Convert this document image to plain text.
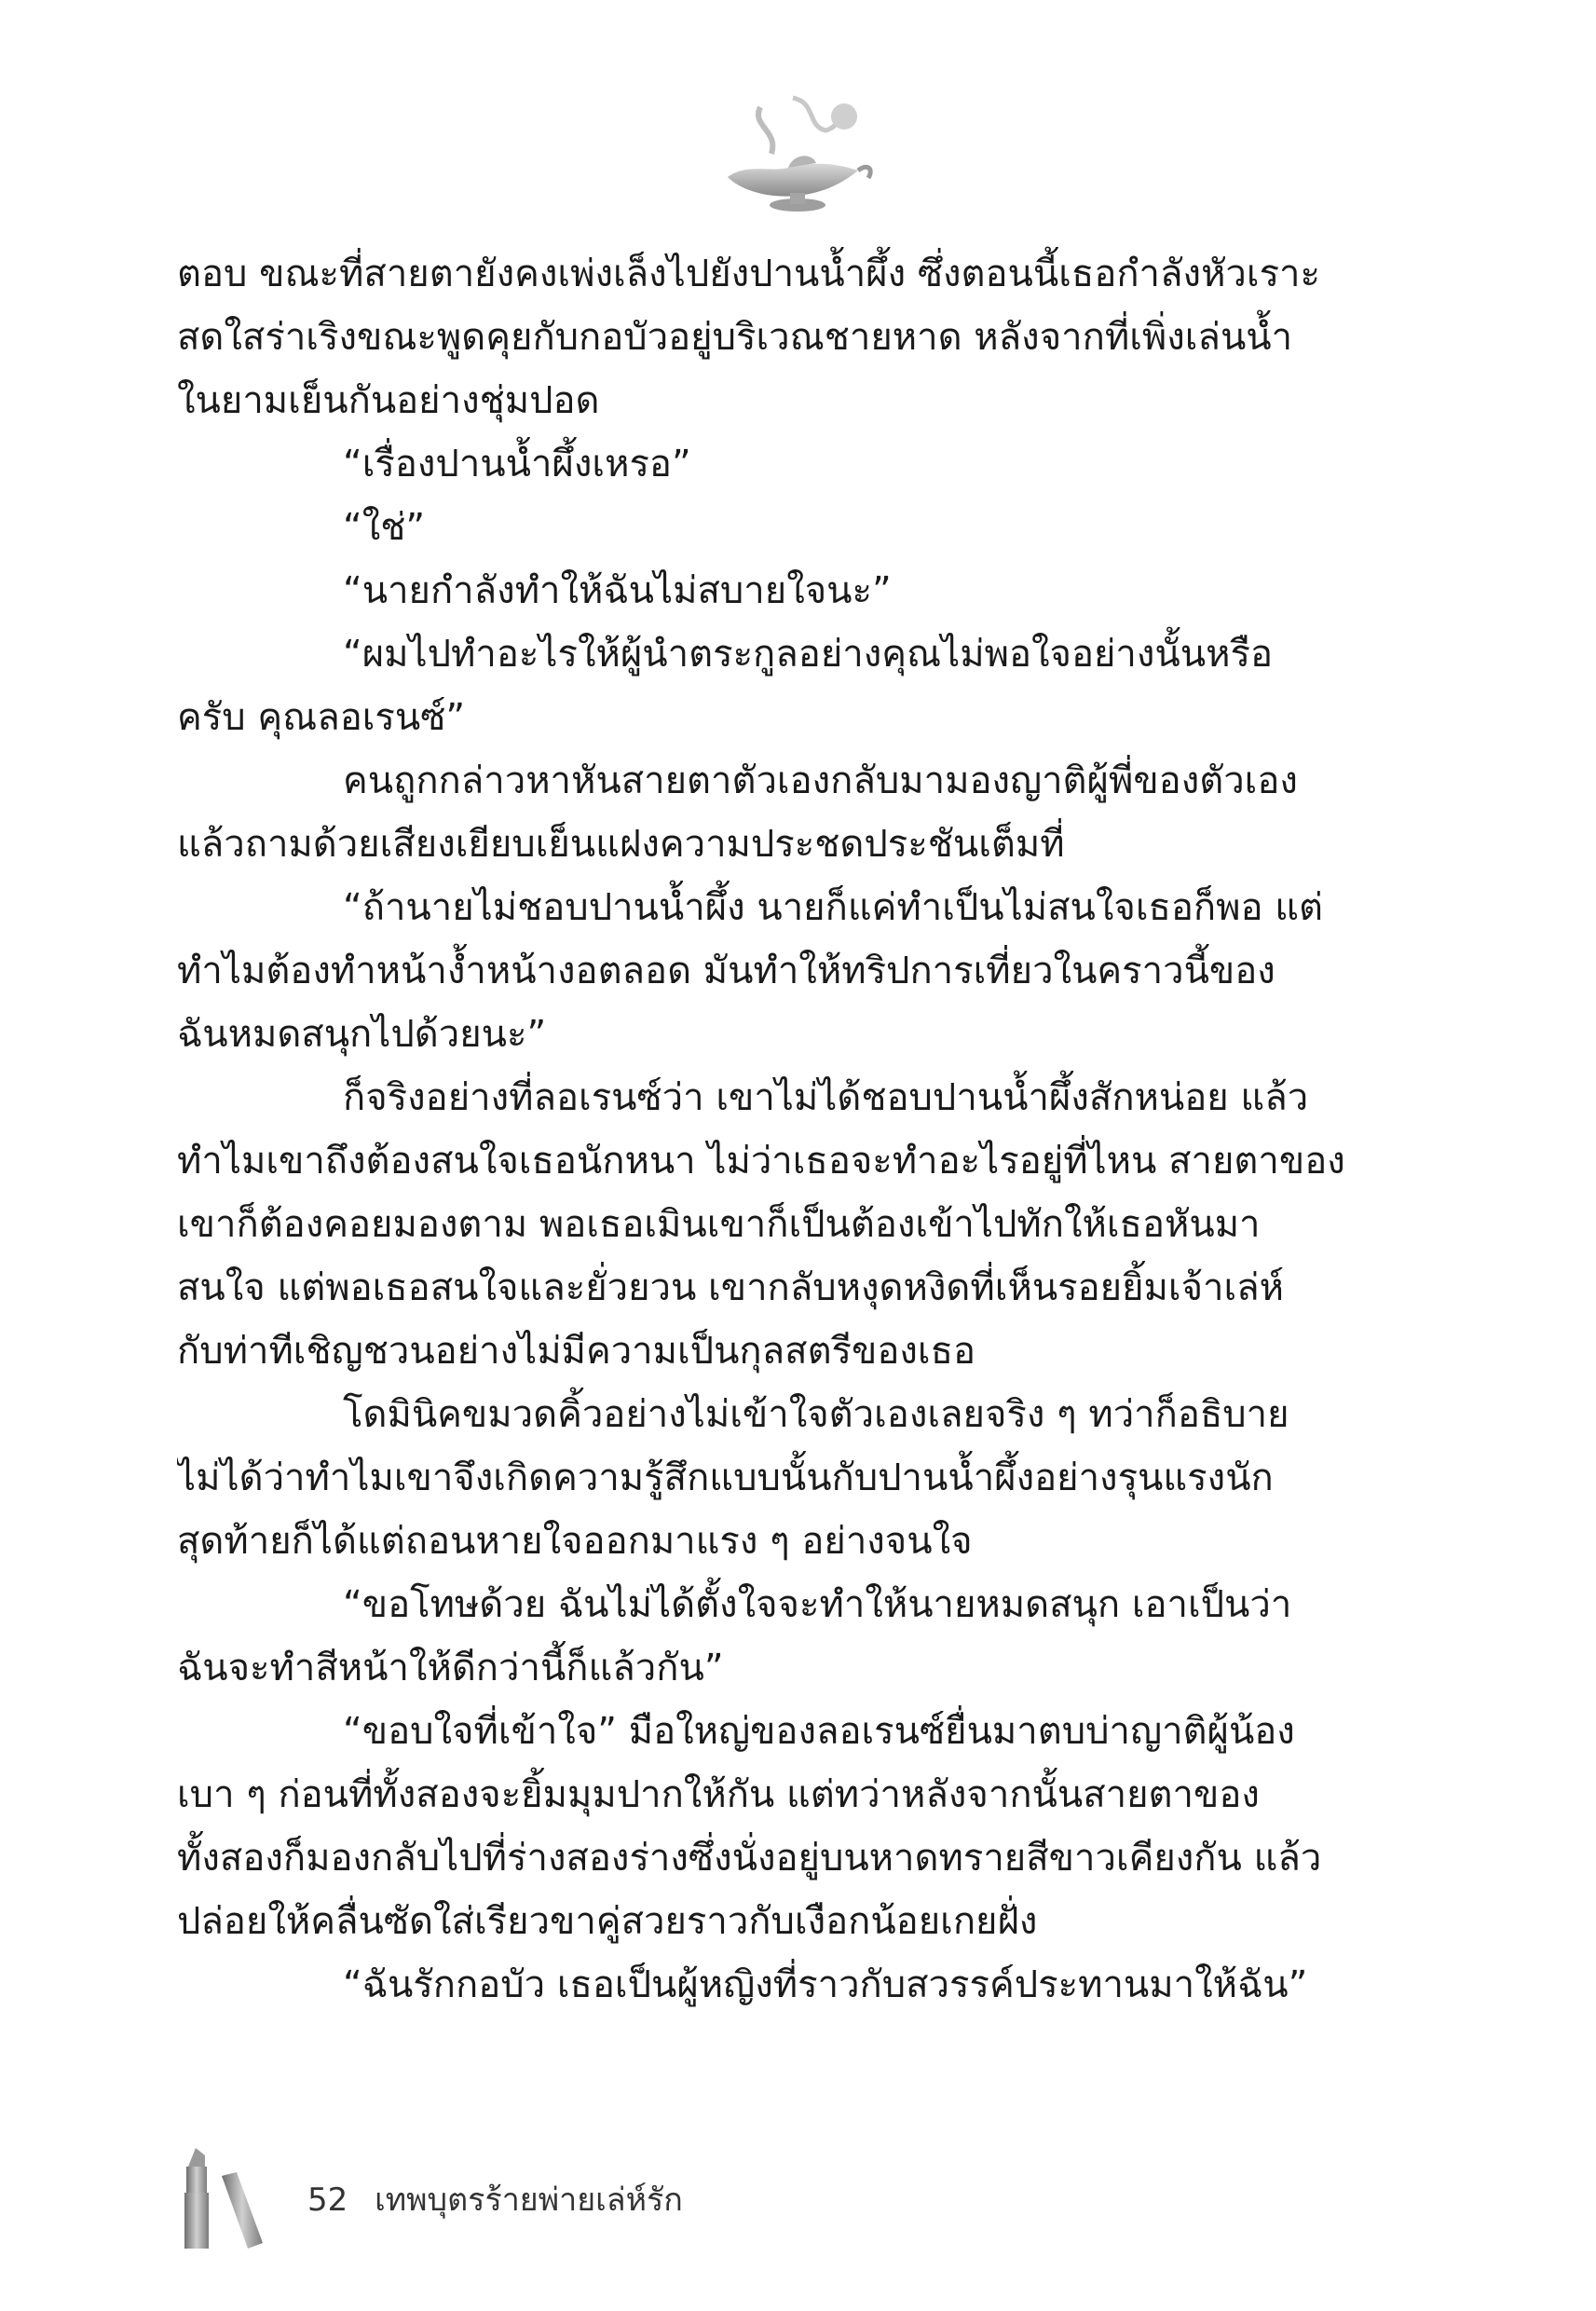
ตอบ ขณะที่สายตายังคงเพ่งเล็งไปยังปานน้ำผึ้ง ซึ่งตอนนี้เธอกำลังหัวเราะ
สดใสร่าเริงขณะพูดคุยกับกอบัวอยู่บริเวณชายหาด หลังจากที่เพิ่งเล่นน้ำ
ในยามเย็นกันอย่างชุ่มปอด
“เรื่องปานน้ำผึ้งเหรอ”
“ใช่”
“นายกำลังทำให้ฉันไม่สบายใจนะ”
“ผมไปทำอะไรให้ผู้นำตระกูลอย่างคุณไม่พอใจอย่างนั้นหรือ
ครับ คุณลอเรนซ์”
คนถูกกล่าวหาหันสายตาตัวเองกลับมามองญาติผู้พี่ของตัวเอง
แล้วถามด้วยเสียงเยียบเย็นแฝงความประชดประชันเต็มที่
“ถ้านายไม่ชอบปานน้ำผึ้ง นายก็แค่ทำเป็นไม่สนใจเธอก็พอ แต่
ทำไมต้องทำหน้างํ้าหน้างอตลอด มันทำให้ทริปการเที่ยวในคราวนี้ของ
ฉันหมดสนุกไปด้วยนะ”
ก็จริงอย่างที่ลอเรนซ์ว่า เขาไม่ได้ชอบปานน้ำผึ้งสักหน่อย แล้ว
ทำไมเขาถึงต้องสนใจเธอนักหนา ไม่ว่าเธอจะทำอะไรอยู่ที่ไหน สายตาของ
เขาก็ต้องคอยมองตาม พอเธอเมินเขาก็เป็นต้องเข้าไปทักให้เธอหันมา
สนใจ แต่พอเธอสนใจและยั่วยวน เขากลับหงุดหงิดที่เห็นรอยยิ้มเจ้าเล่ห์
กับท่าทีเชิญชวนอย่างไม่มีความเป็นกุลสตรีของเธอ
โดมินิคขมวดคิ้วอย่างไม่เข้าใจตัวเองเลยจริง ๆ ทว่าก็อธิบาย
ไม่ได้ว่าทำไมเขาจึงเกิดความรู้สึกแบบนั้นกับปานน้ำผึ้งอย่างรุนแรงนัก
สุดท้ายก็ได้แต่ถอนหายใจออกมาแรง ๆ อย่างจนใจ
“ขอโทษด้วย ฉันไม่ได้ตั้งใจจะทำให้นายหมดสนุก เอาเป็นว่า
ฉันจะทำสีหน้าให้ดีกว่านี้ก็แล้วกัน”
“ขอบใจที่เข้าใจ” มือใหญ่ของลอเรนซ์ยื่นมาตบบ่าญาติผู้น้อง
เบา ๆ ก่อนที่ทั้งสองจะยิ้มมุมปากให้กัน แต่ทว่าหลังจากนั้นสายตาของ
ทั้งสองก็มองกลับไปที่ร่างสองร่างซึ่งนั่งอยู่บนหาดทรายสีขาวเคียงกัน แล้ว
ปล่อยให้คลื่นซัดใส่เรียวขาคู่สวยราวกับเงือกน้อยเกยฝั่ง
“ฉันรักกอบัว เธอเป็นผู้หญิงที่ราวกับสวรรค์ประทานมาให้ฉัน”
52 เทพบุตรร้ายพ่ายเล่ห์รัก
